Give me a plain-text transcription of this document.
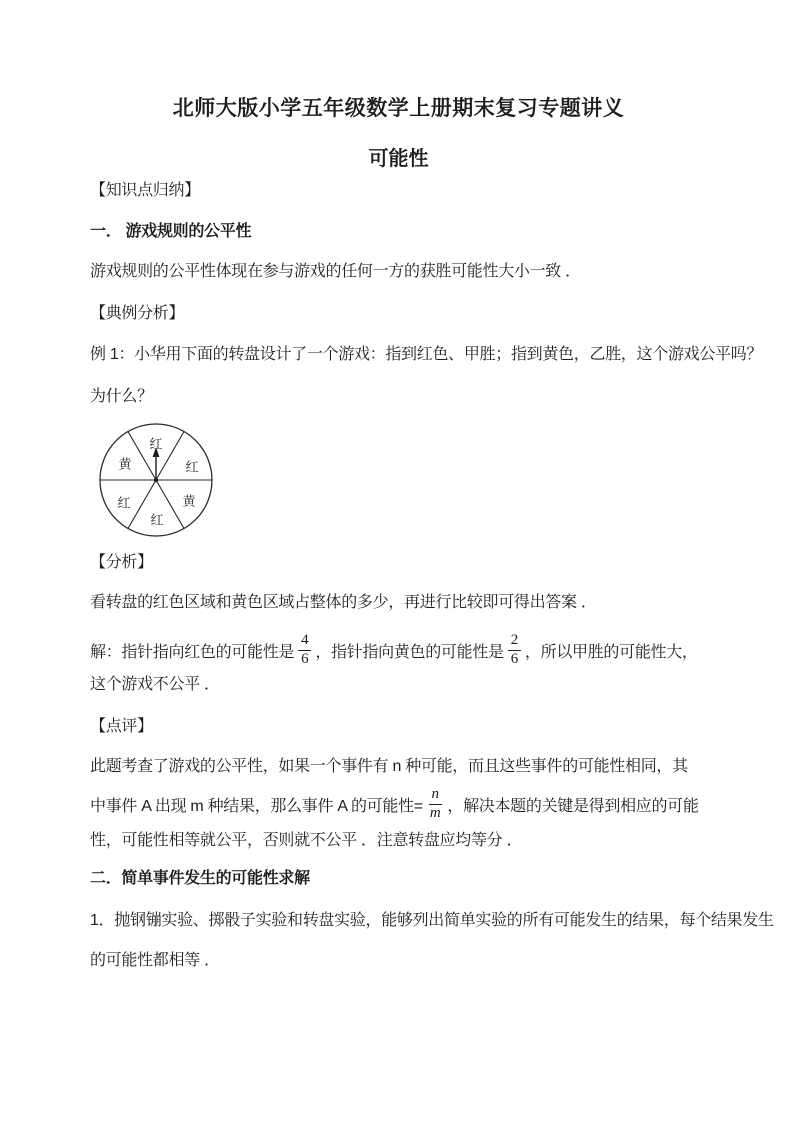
北师大版小学五年级数学上册期末复习专题讲义
可能性
【知识点归纳】
一． 游戏规则的公平性
游戏规则的公平性体现在参与游戏的任何一方的获胜可能性大小一致 ．
【典例分析】
例 1：小华用下面的转盘设计了一个游戏：指到红色、甲胜；指到黄色，乙胜，这个游戏公平吗？
为什么？
红
黄	红
红	黄
红
【分析】
看转盘的红色区域和黄色区域占整体的多少，再进行比较即可得出答案 ．
解：指针指向红色的可能性是 $\frac{4}{6}$ ，指针指向黄色的可能性是 $\frac{2}{6}$ ，所以甲胜的可能性大，
这个游戏不公平 ．
【点评】
此题考查了游戏的公平性，如果一个事件有 n 种可能，而且这些事件的可能性相同，其
中事件 A 出现 m 种结果，那么事件 A 的可能性= $\frac{n}{m}$ ，解决本题的关键是得到相应的可能
性，可能性相等就公平，否则就不公平 ．注意转盘应均等分 ．
二．简单事件发生的可能性求解
1．抛钢镚实验、掷骰子实验和转盘实验，能够列出简单实验的所有可能发生的结果，每个结果发生
的可能性都相等 ．
